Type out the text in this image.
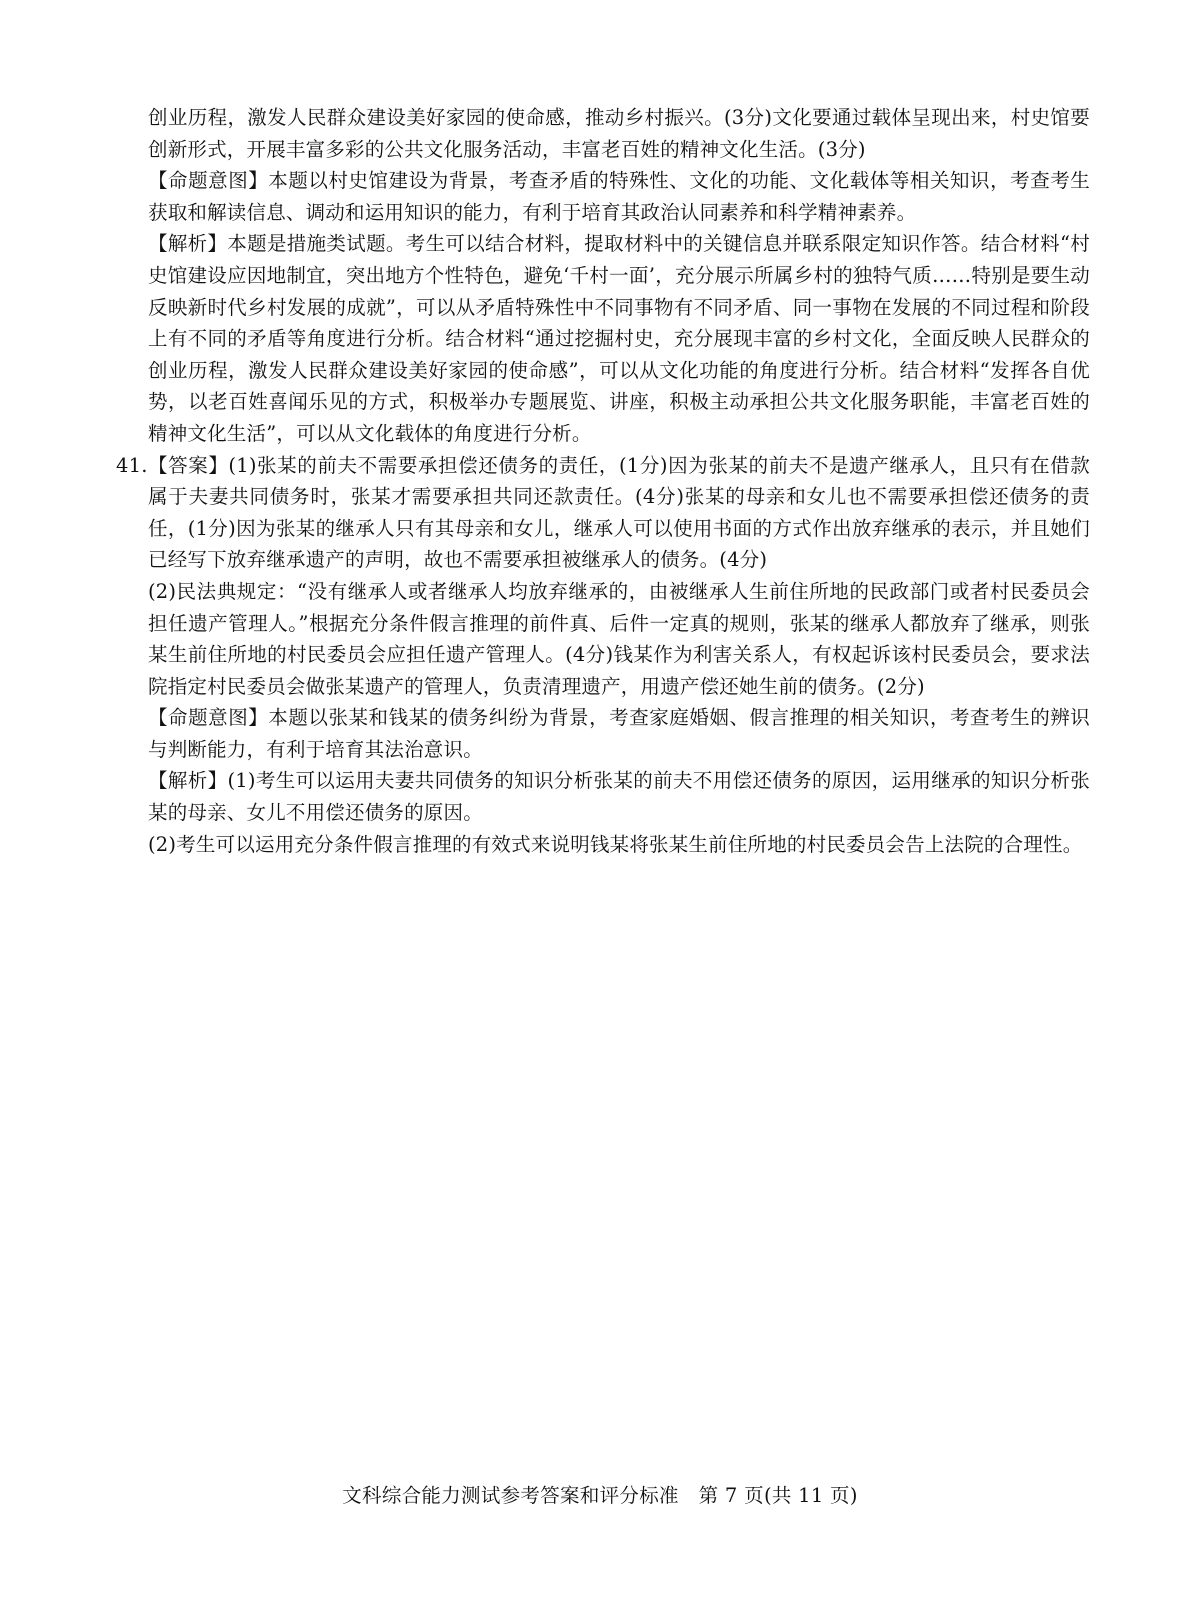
创业历程，激发人民群众建设美好家园的使命感，推动乡村振兴。(3分)文化要通过载体呈现出来，村史馆要创新形式，开展丰富多彩的公共文化服务活动，丰富老百姓的精神文化生活。(3分)

【命题意图】本题以村史馆建设为背景，考查矛盾的特殊性、文化的功能、文化载体等相关知识，考查考生获取和解读信息、调动和运用知识的能力，有利于培育其政治认同素养和科学精神素养。

【解析】本题是措施类试题。考生可以结合材料，提取材料中的关键信息并联系限定知识作答。结合材料“村史馆建设应因地制宜，突出地方个性特色，避免‘千村一面’，充分展示所属乡村的独特气质……特别是要生动反映新时代乡村发展的成就”，可以从矛盾特殊性中不同事物有不同矛盾、同一事物在发展的不同过程和阶段上有不同的矛盾等角度进行分析。结合材料“通过挖掘村史，充分展现丰富的乡村文化，全面反映人民群众的创业历程，激发人民群众建设美好家园的使命感”，可以从文化功能的角度进行分析。结合材料“发挥各自优势，以老百姓喜闻乐见的方式，积极举办专题展览、讲座，积极主动承担公共文化服务职能，丰富老百姓的精神文化生活”，可以从文化载体的角度进行分析。

41. 【答案】(1)张某的前夫不需要承担偿还债务的责任，(1分)因为张某的前夫不是遗产继承人，且只有在借款属于夫妻共同债务时，张某才需要承担共同还款责任。(4分)张某的母亲和女儿也不需要承担偿还债务的责任，(1分)因为张某的继承人只有其母亲和女儿，继承人可以使用书面的方式作出放弃继承的表示，并且她们已经写下放弃继承遗产的声明，故也不需要承担被继承人的债务。(4分)

(2)民法典规定：“没有继承人或者继承人均放弃继承的，由被继承人生前住所地的民政部门或者村民委员会担任遗产管理人。”根据充分条件假言推理的前件真、后件一定真的规则，张某的继承人都放弃了继承，则张某生前住所地的村民委员会应担任遗产管理人。(4分)钱某作为利害关系人，有权起诉该村民委员会，要求法院指定村民委员会做张某遗产的管理人，负责清理遗产，用遗产偿还她生前的债务。(2分)

【命题意图】本题以张某和钱某的债务纠纷为背景，考查家庭婚姻、假言推理的相关知识，考查考生的辨识与判断能力，有利于培育其法治意识。

【解析】(1)考生可以运用夫妻共同债务的知识分析张某的前夫不用偿还债务的原因，运用继承的知识分析张某的母亲、女儿不用偿还债务的原因。

(2)考生可以运用充分条件假言推理的有效式来说明钱某将张某生前住所地的村民委员会告上法院的合理性。

文科综合能力测试参考答案和评分标准　第 7 页(共 11 页)
